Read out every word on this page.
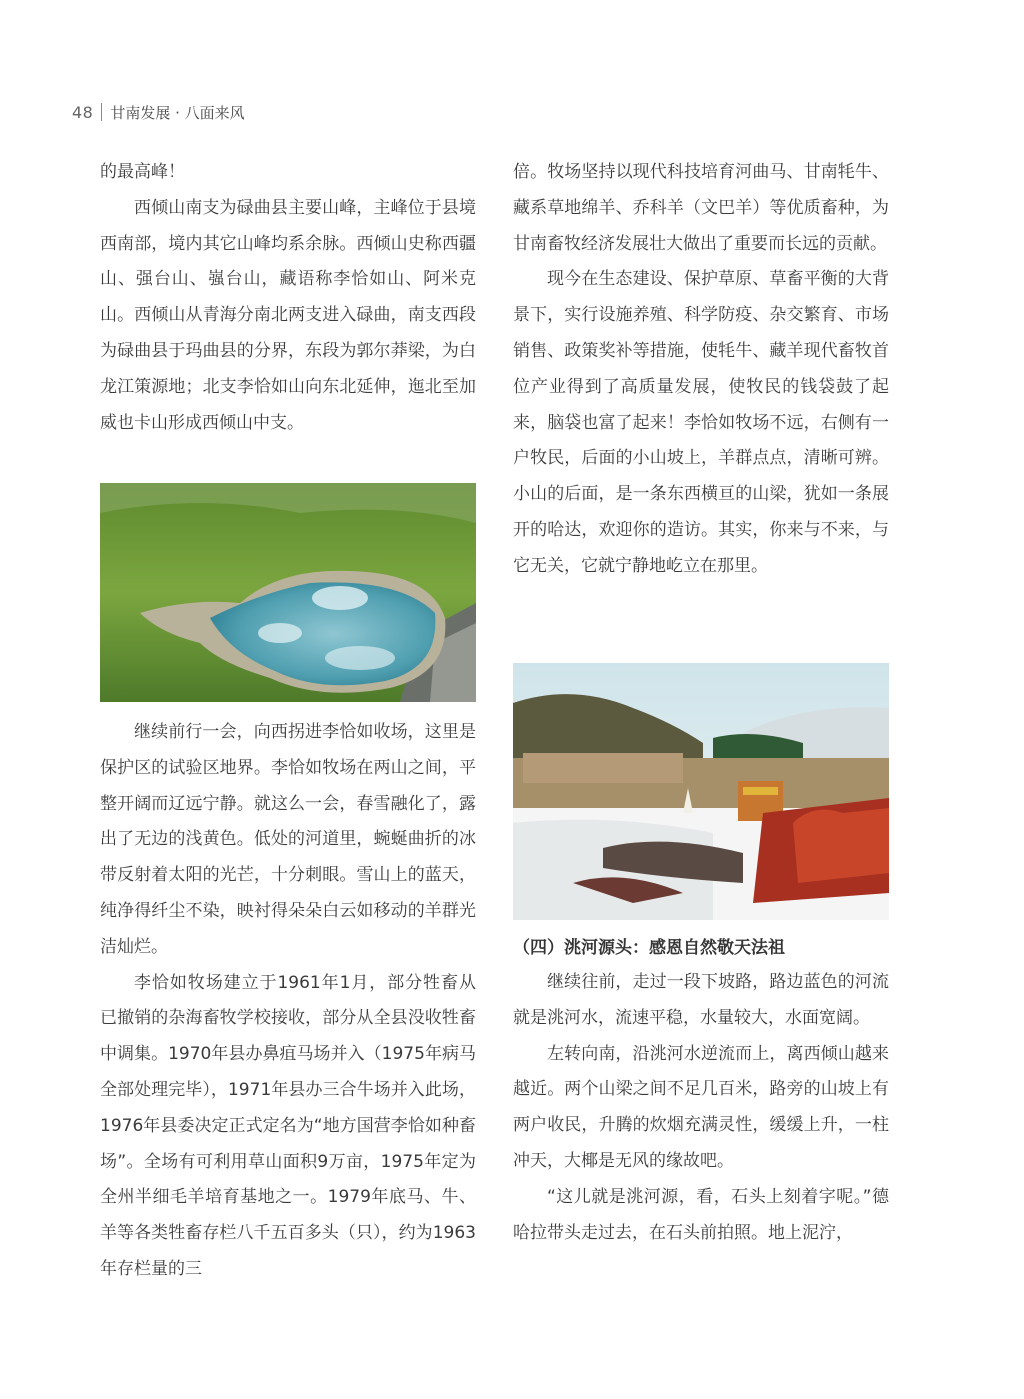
48 甘南发展 · 八面来风

的最高峰！

西倾山南支为碌曲县主要山峰，主峰位于县境西南部，境内其它山峰均系余脉。西倾山史称西疆山、强台山、嵹台山，藏语称李恰如山、阿米克山。西倾山从青海分南北两支进入碌曲，南支西段为碌曲县于玛曲县的分界，东段为郭尔莽梁，为白龙江策源地；北支李恰如山向东北延伸，迤北至加威也卡山形成西倾山中支。

继续前行一会，向西拐进李恰如收场，这里是保护区的试验区地界。李恰如牧场在两山之间，平整开阔而辽远宁静。就这么一会，春雪融化了，露出了无边的浅黄色。低处的河道里，蜿蜒曲折的冰带反射着太阳的光芒，十分刺眼。雪山上的蓝天，纯净得纤尘不染，映衬得朵朵白云如移动的羊群光洁灿烂。

李恰如牧场建立于1961年1月，部分牲畜从已撤销的杂海畜牧学校接收，部分从全县没收牲畜中调集。1970年县办鼻疽马场并入（1975年病马全部处理完毕），1971年县办三合牛场并入此场，1976年县委决定正式定名为“地方国营李恰如种畜场”。全场有可利用草山面积9万亩，1975年定为全州半细毛羊培育基地之一。1979年底马、牛、羊等各类牲畜存栏八千五百多头（只），约为1963年存栏量的三

倍。牧场坚持以现代科技培育河曲马、甘南牦牛、藏系草地绵羊、乔科羊（文巴羊）等优质畜种，为甘南畜牧经济发展壮大做出了重要而长远的贡献。

现今在生态建设、保护草原、草畜平衡的大背景下，实行设施养殖、科学防疫、杂交繁育、市场销售、政策奖补等措施，使牦牛、藏羊现代畜牧首位产业得到了高质量发展，使牧民的钱袋鼓了起来，脑袋也富了起来！李恰如牧场不远，右侧有一户牧民，后面的小山坡上，羊群点点，清晰可辨。小山的后面，是一条东西横亘的山梁，犹如一条展开的哈达，欢迎你的造访。其实，你来与不来，与它无关，它就宁静地屹立在那里。

（四）洮河源头：感恩自然敬天法祖

继续往前，走过一段下坡路，路边蓝色的河流就是洮河水，流速平稳，水量较大，水面宽阔。

左转向南，沿洮河水逆流而上，离西倾山越来越近。两个山梁之间不足几百米，路旁的山坡上有两户收民，升腾的炊烟充满灵性，缓缓上升，一柱冲天，大椰是无风的缘故吧。

“这儿就是洮河源，看，石头上刻着字呢。”德哈拉带头走过去，在石头前拍照。地上泥泞，
